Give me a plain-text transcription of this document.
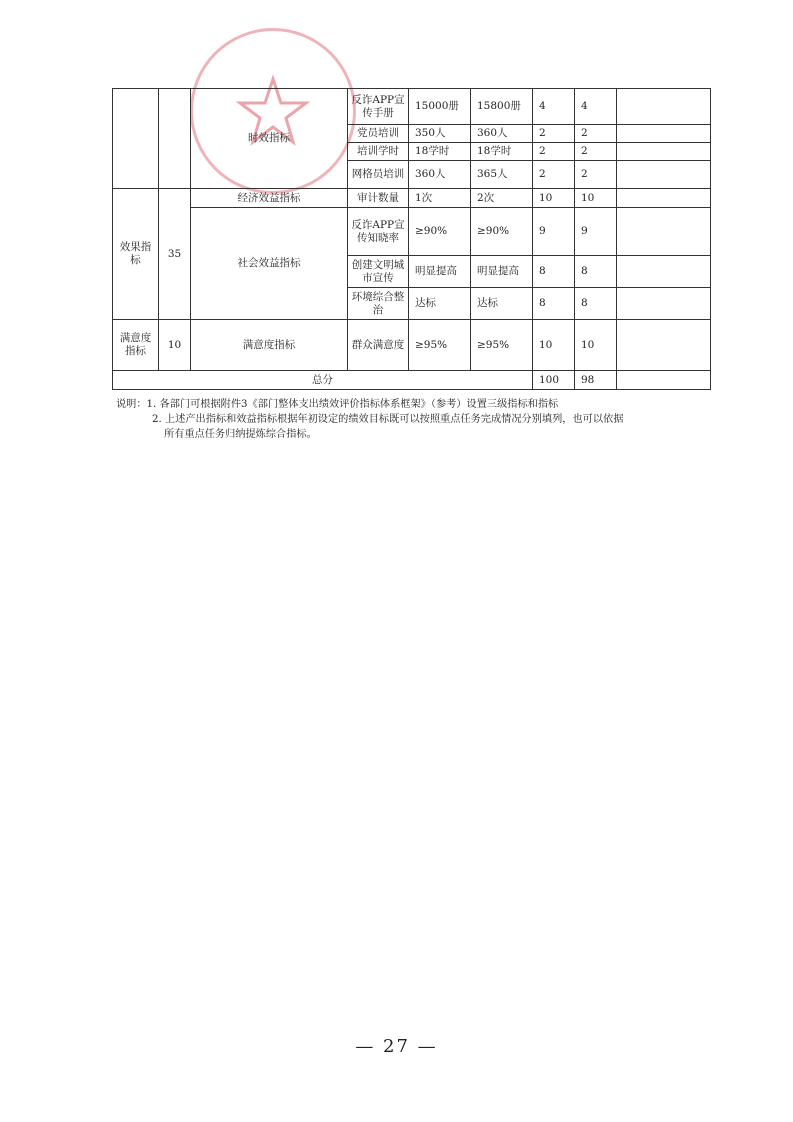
		时效指标	反诈APP宣传手册	15000册	15800册	4	4	
			党员培训	350人	360人	2	2	
			培训学时	18学时	18学时	2	2	
			网格员培训	360人	365人	2	2	
效果指标	35	经济效益指标	审计数量	1次	2次	10	10	
		社会效益指标	反诈APP宣传知晓率	≥90%	≥90%	9	9	
			创建文明城市宣传	明显提高	明显提高	8	8	
			环境综合整治	达标	达标	8	8	
满意度指标	10	满意度指标	群众满意度	≥95%	≥95%	10	10	
总分						100	98	
说明：1. 各部门可根据附件3《部门整体支出绩效评价指标体系框架》（参考）设置三级指标和指标
2. 上述产出指标和效益指标根据年初设定的绩效目标既可以按照重点任务完成情况分别填列，也可以依据
所有重点任务归纳提炼综合指标。
— 27 —
